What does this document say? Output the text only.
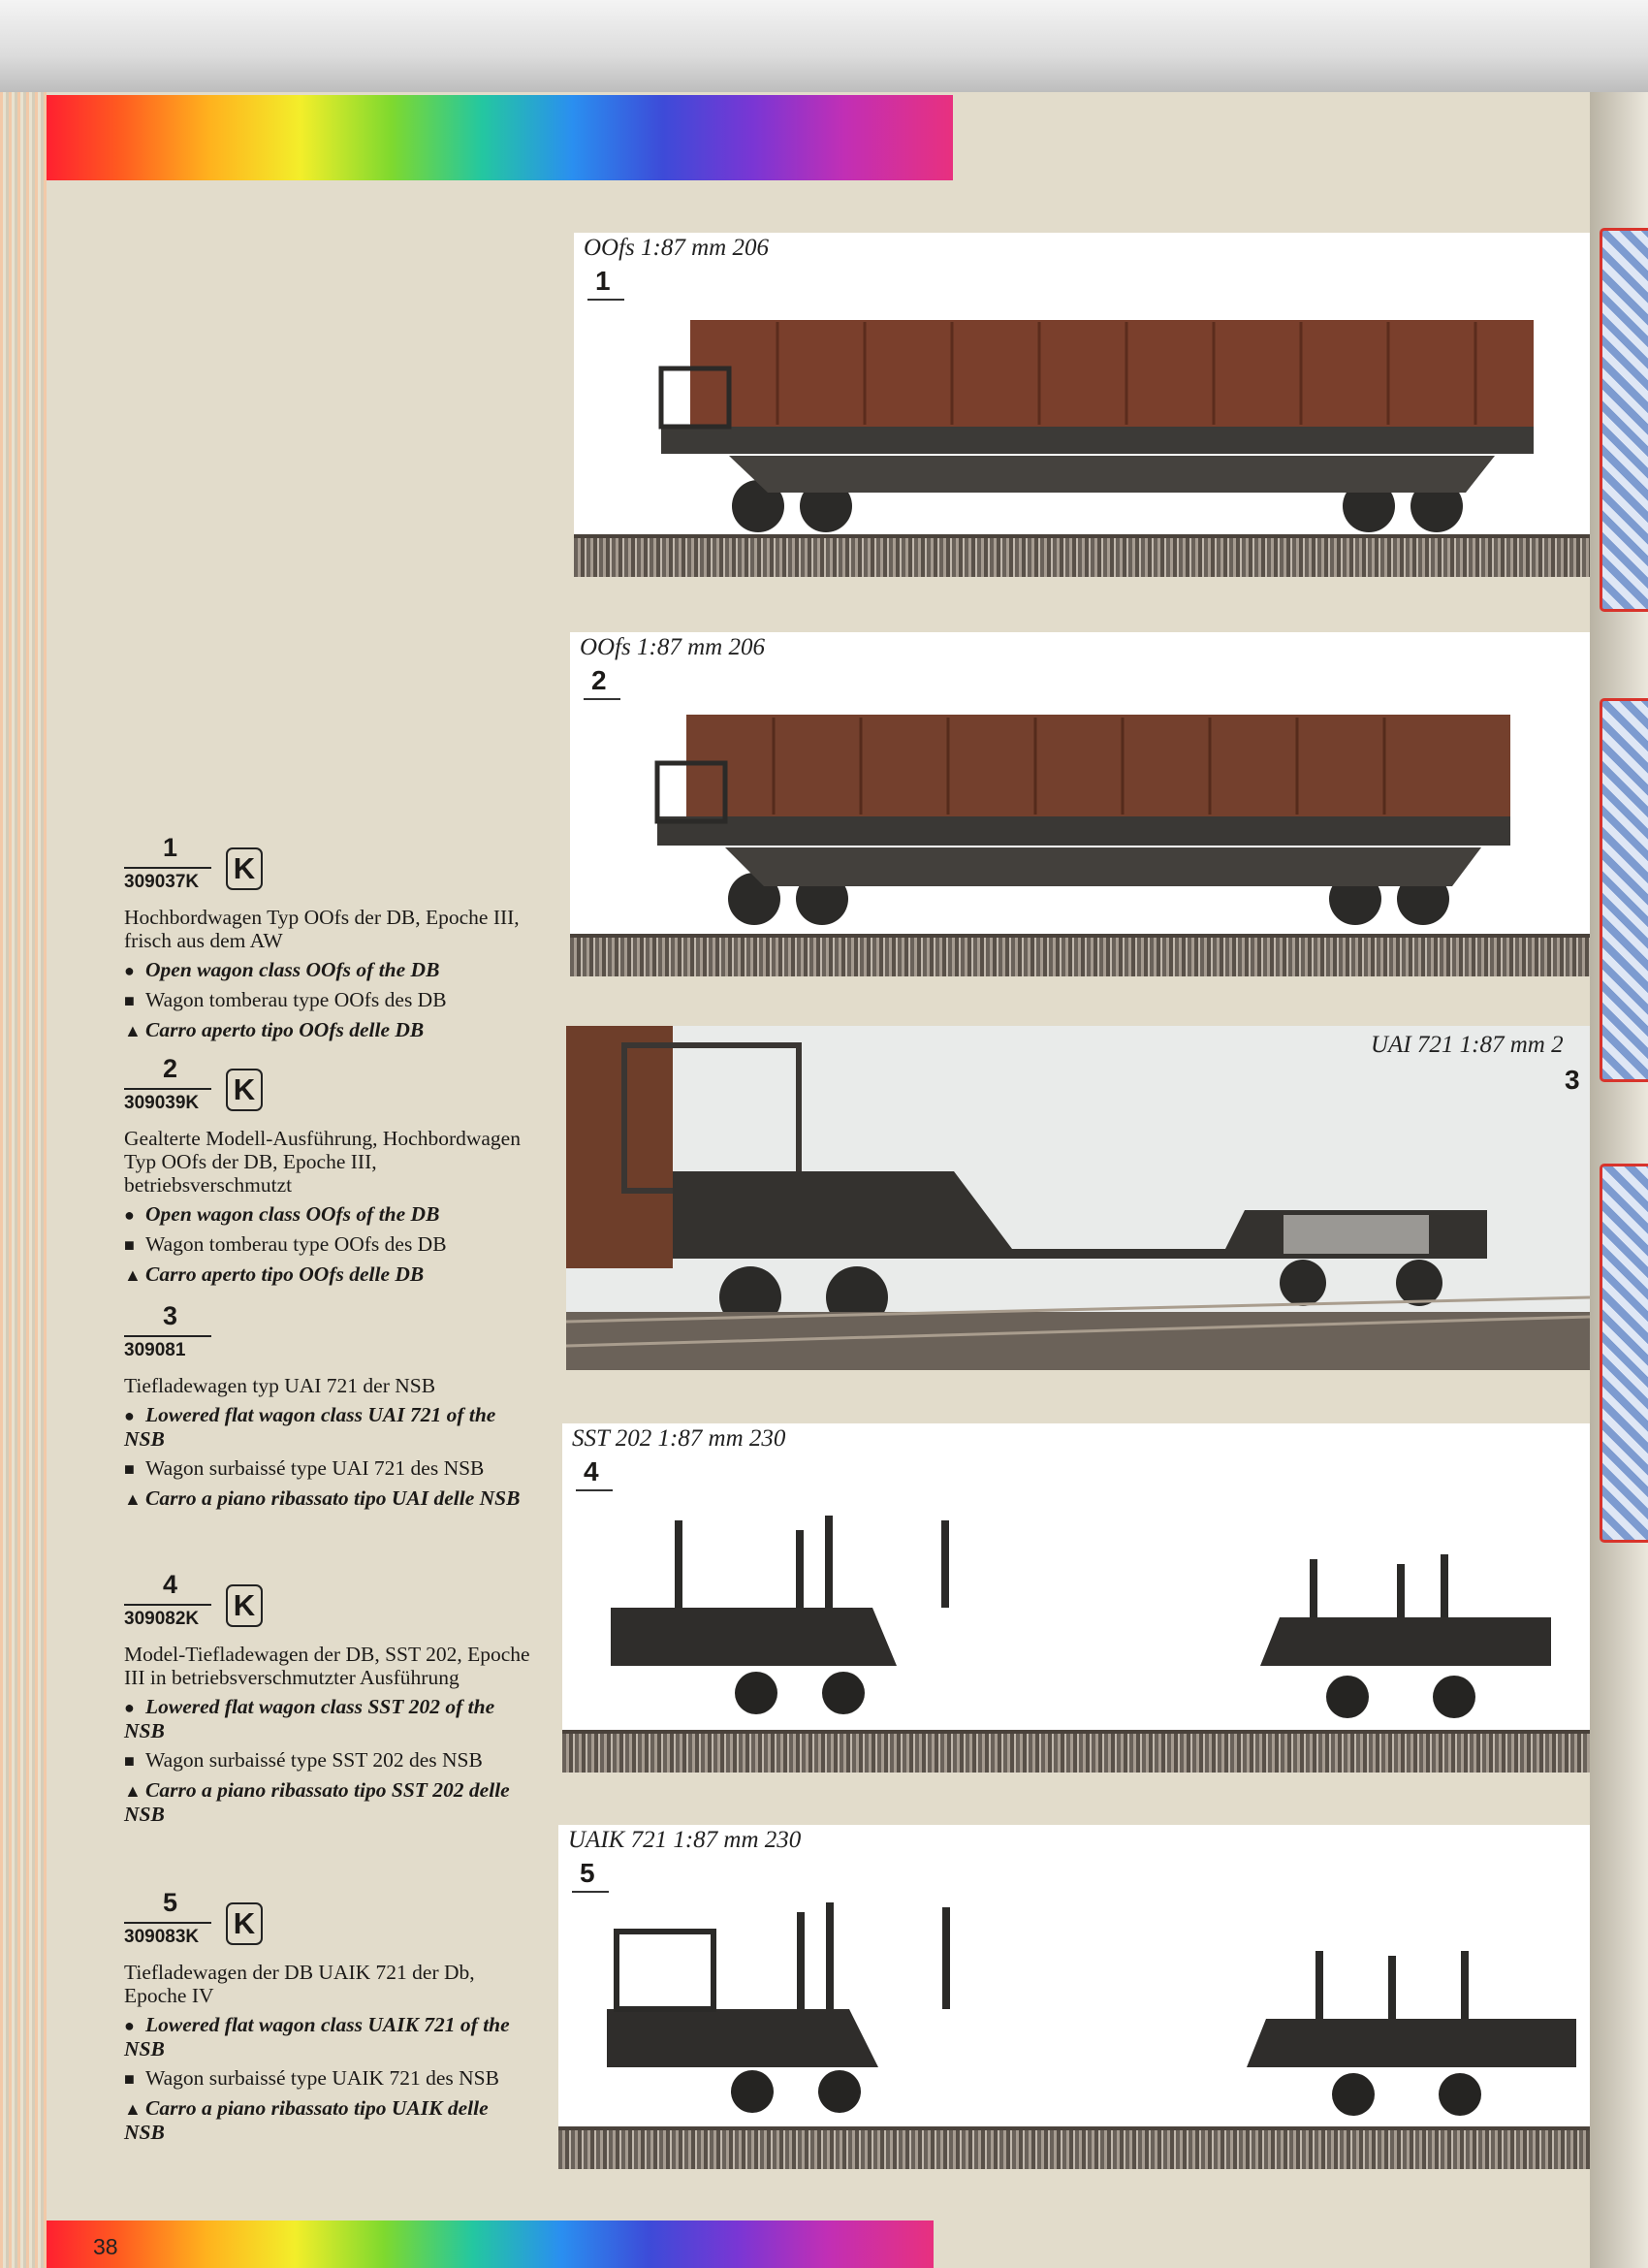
OOfs 1:87 mm 206
1
OOfs 1:87 mm 206
2
UAI 721 1:87 mm 2
3
SST 202 1:87 mm 230
4
UAIK 721 1:87 mm 230
5
1
309037K K

Hochbordwagen Typ OOfs der DB, Epoche III, frisch aus dem AW

● Open wagon class OOfs of the DB

■ Wagon tomberau type OOfs des DB

▲ Carro aperto tipo OOfs delle DB

2
309039K K

Gealterte Modell-Ausführung, Hochbordwagen Typ OOfs der DB, Epoche III, betriebsverschmutzt

● Open wagon class OOfs of the DB

■ Wagon tomberau type OOfs des DB

▲ Carro aperto tipo OOfs delle DB

3
309081

Tiefladewagen typ UAI 721 der NSB

● Lowered flat wagon class UAI 721 of the NSB

■ Wagon surbaissé type UAI 721 des NSB

▲ Carro a piano ribassato tipo UAI delle NSB

4
309082K K

Model-Tiefladewagen der DB, SST 202, Epoche III in betriebsverschmutzter Ausführung

● Lowered flat wagon class SST 202 of the NSB

■ Wagon surbaissé type SST 202 des NSB

▲ Carro a piano ribassato tipo SST 202 delle NSB

5
309083K K

Tiefladewagen der DB UAIK 721 der Db, Epoche IV

● Lowered flat wagon class UAIK 721 of the NSB

■ Wagon surbaissé type UAIK 721 des NSB

▲ Carro a piano ribassato tipo UAIK delle NSB

38
